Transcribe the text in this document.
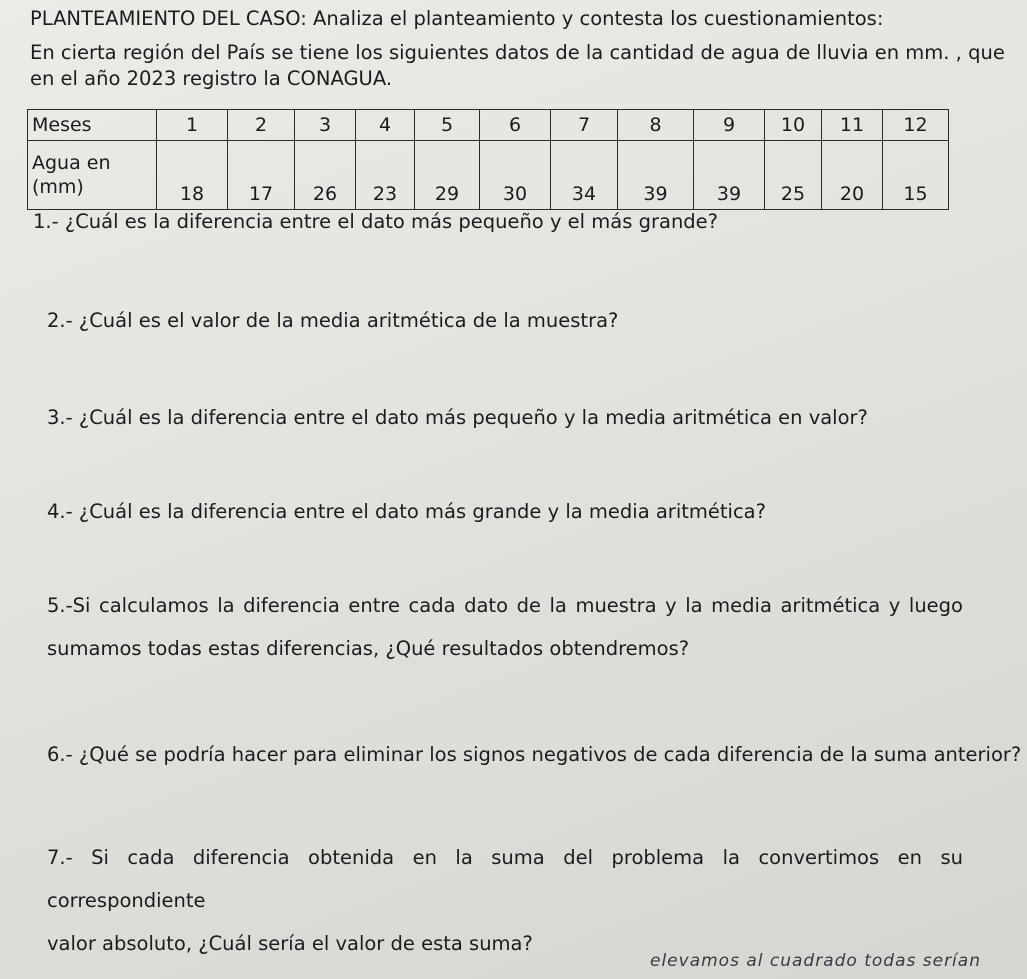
PLANTEAMIENTO DEL CASO: Analiza el planteamiento y contesta los cuestionamientos:
En cierta región del País se tiene los siguientes datos de la cantidad de agua de lluvia en mm. , que
en el año 2023 registro la CONAGUA.
Meses	1	2	3	4	5	6	7	8	9	10	11	12

Agua en
(mm)	18	17	26	23	29	30	34	39	39	25	20	15
1.- ¿Cuál es la diferencia entre el dato más pequeño y el más grande?
2.- ¿Cuál es el valor de la media aritmética de la muestra?
3.- ¿Cuál es la diferencia entre el dato más pequeño y la media aritmética en valor?
4.- ¿Cuál es la diferencia entre el dato más grande y la media aritmética?
5.-Si calculamos la diferencia entre cada dato de la muestra y la media aritmética y luego
sumamos todas estas diferencias, ¿Qué resultados obtendremos?
6.- ¿Qué se podría hacer para eliminar los signos negativos de cada diferencia de la suma anterior?
7.- Si cada diferencia obtenida en la suma del problema la convertimos en su correspondiente
valor absoluto, ¿Cuál sería el valor de esta suma?
elevamos al cuadrado todas serían
